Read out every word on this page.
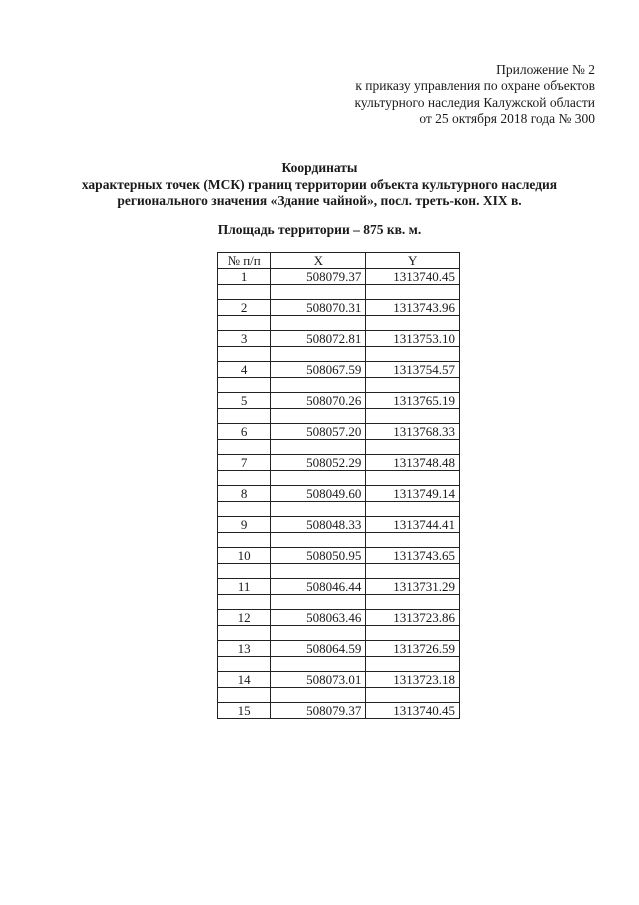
Приложение № 2
к приказу управления по охране объектов
культурного наследия Калужской области
от 25 октября 2018 года № 300
Координаты
характерных точек (МСК) границ территории объекта культурного наследия
регионального значения «Здание чайной», посл. треть-кон. XIX в.
Площадь территории – 875 кв. м.
№ п/п	X	Y
1	508079.37	1313740.45

2	508070.31	1313743.96

3	508072.81	1313753.10

4	508067.59	1313754.57

5	508070.26	1313765.19

6	508057.20	1313768.33

7	508052.29	1313748.48

8	508049.60	1313749.14

9	508048.33	1313744.41

10	508050.95	1313743.65

11	508046.44	1313731.29

12	508063.46	1313723.86

13	508064.59	1313726.59

14	508073.01	1313723.18

15	508079.37	1313740.45
